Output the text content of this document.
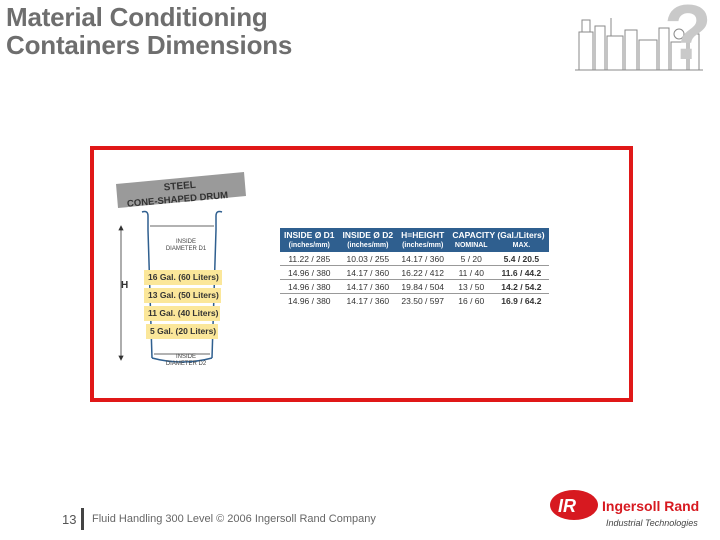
Material Conditioning
Containers Dimensions	?
STEEL
CONE-SHAPED DRUM
INSIDE DIAMETER D1
INSIDE DIAMETER D2
H
16 Gal. (60 Liters)
13 Gal. (50 Liters)
11 Gal. (40 Liters)
5 Gal. (20 Liters)
INSIDE Ø D1	INSIDE Ø D2	H=HEIGHT	CAPACITY (Gal./Liters)	
(inches/mm)	(inches/mm)	(inches/mm)	NOMINAL	MAX.
11.22 / 285	10.03 / 255	14.17 / 360	5 / 20	5.4 / 20.5
14.96 / 380	14.17 / 360	16.22 / 412	11 / 40	11.6 / 44.2
14.96 / 380	14.17 / 360	19.84 / 504	13 / 50	14.2 / 54.2
14.96 / 380	14.17 / 360	23.50 / 597	16 / 60	16.9 / 64.2
13 Fluid Handling 300 Level © 2006 Ingersoll Rand Company
IR Ingersoll Rand
Industrial Technologies
